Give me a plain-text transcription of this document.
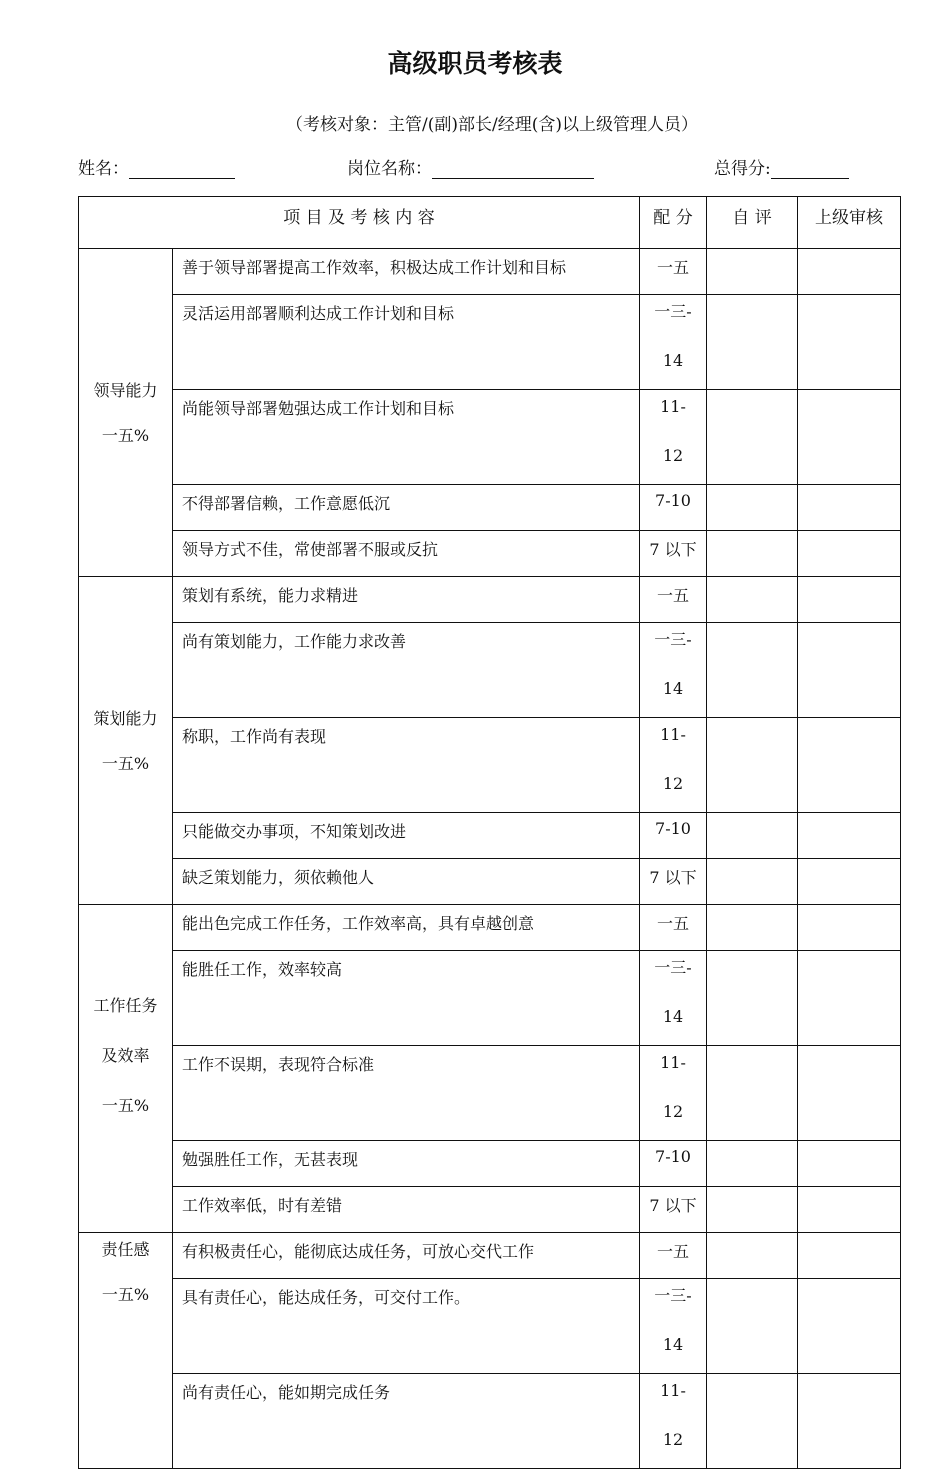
高级职员考核表
（考核对象：主管/(副)部长/经理(含)以上级管理人员）
姓名：	岗位名称：	总得分:
项 目 及 考 核 内 容		配 分	自 评	上级审核

领导能力
一五%	善于领导部署提高工作效率，积极达成工作计划和目标	一五		
	灵活运用部署顺利达成工作计划和目标	一三-
14		

	尚能领导部署勉强达成工作计划和目标	11-
12		

	不得部署信赖，工作意愿低沉	7-10		
	领导方式不佳，常使部署不服或反抗	7 以下		

策划能力
一五%	策划有系统，能力求精进	一五		
	尚有策划能力，工作能力求改善	一三-
14		

	称职，工作尚有表现	11-
12		

	只能做交办事项，不知策划改进	7-10		
	缺乏策划能力，须依赖他人	7 以下		

工作任务
及效率
一五%	能出色完成工作任务，工作效率高，具有卓越创意	一五		
	能胜任工作，效率较高	一三-
14		

	工作不误期，表现符合标准	11-
12		

	勉强胜任工作，无甚表现	7-10		
	工作效率低，时有差错	7 以下		

责任感
一五%	有积极责任心，能彻底达成任务，可放心交代工作	一五		
	具有责任心，能达成任务，可交付工作。	一三-
14		

	尚有责任心，能如期完成任务	11-
12		
